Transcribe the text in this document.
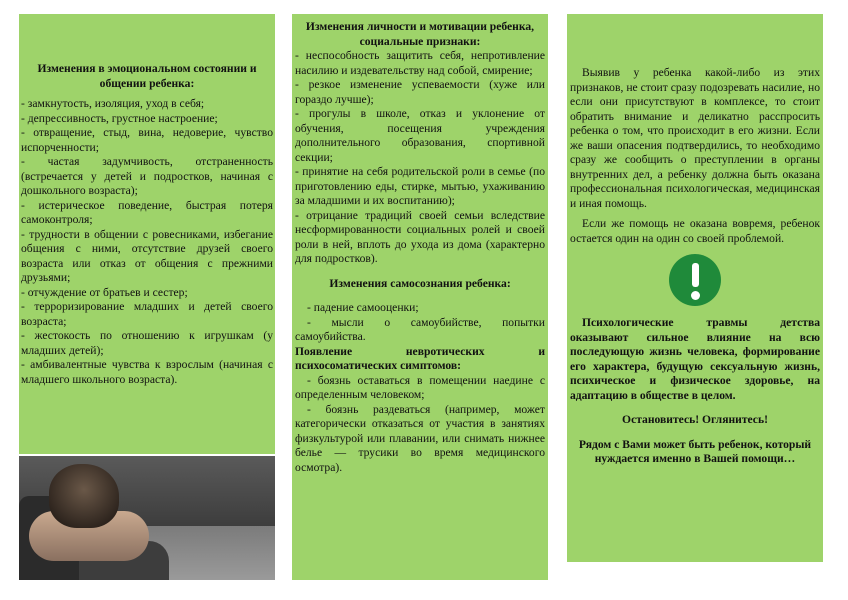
Изменения в эмоциональном состоянии и общении ребенка:

- замкнутость, изоляция, уход в себя;
- депрессивность, грустное настроение;
- отвращение, стыд, вина, недоверие, чувство испорченности;
- частая задумчивость, отстраненность (встречается у детей и подростков, начиная с дошкольного возраста);
- истерическое поведение, быстрая потеря самоконтроля;
- трудности в общении с ровесниками, избегание общения с ними, отсутствие друзей своего возраста или отказ от общения с прежними друзьями;
- отчуждение от братьев и сестер;
- терроризирование младших и детей своего возраста;
- жестокость по отношению к игрушкам (у младших детей);
- амбивалентные чувства к взрослым (начиная с младшего школьного возраста).

Изменения личности и мотивации ребенка, социальные признаки:

- неспособность защитить себя, непротивление насилию и издевательству над собой, смирение;
- резкое изменение успеваемости (хуже или гораздо лучше);
- прогулы в школе, отказ и уклонение от обучения, посещения учреждения дополнительного образования, спортивной секции;
- принятие на себя родительской роли в семье (по приготовлению еды, стирке, мытью, ухаживанию за младшими и их воспитанию);
- отрицание традиций своей семьи вследствие несформированности социальных ролей и своей роли в ней, вплоть до ухода из дома (характерно для подростков).

Изменения самосознания ребенка:

- падение самооценки;
- мысли о самоубийстве, попытки самоубийства.

Появление невротических и психосоматических симптомов:

- боязнь оставаться в помещении наедине с определенным человеком;
- боязнь раздеваться (например, может категорически отказаться от участия в занятиях физкультурой или плавании, или снимать нижнее белье — трусики во время медицинского осмотра).

Выявив у ребенка какой-либо из этих признаков, не стоит сразу подозревать насилие, но если они присутствуют в комплексе, то стоит обратить внимание и деликатно расспросить ребенка о том, что происходит в его жизни. Если же ваши опасения подтвердились, то необходимо сразу же сообщить о преступлении в органы внутренних дел, а ребенку должна быть оказана профессиональная психологическая, медицинская и иная помощь.

Если же помощь не оказана вовремя, ребенок остается один на один со своей проблемой.

Психологические травмы детства оказывают сильное влияние на всю последующую жизнь человека, формирование его характера, будущую сексуальную жизнь, психическое и физическое здоровье, на адаптацию в обществе в целом.

Остановитесь! Оглянитесь!

Рядом с Вами может быть ребенок, который нуждается именно в Вашей помощи…
